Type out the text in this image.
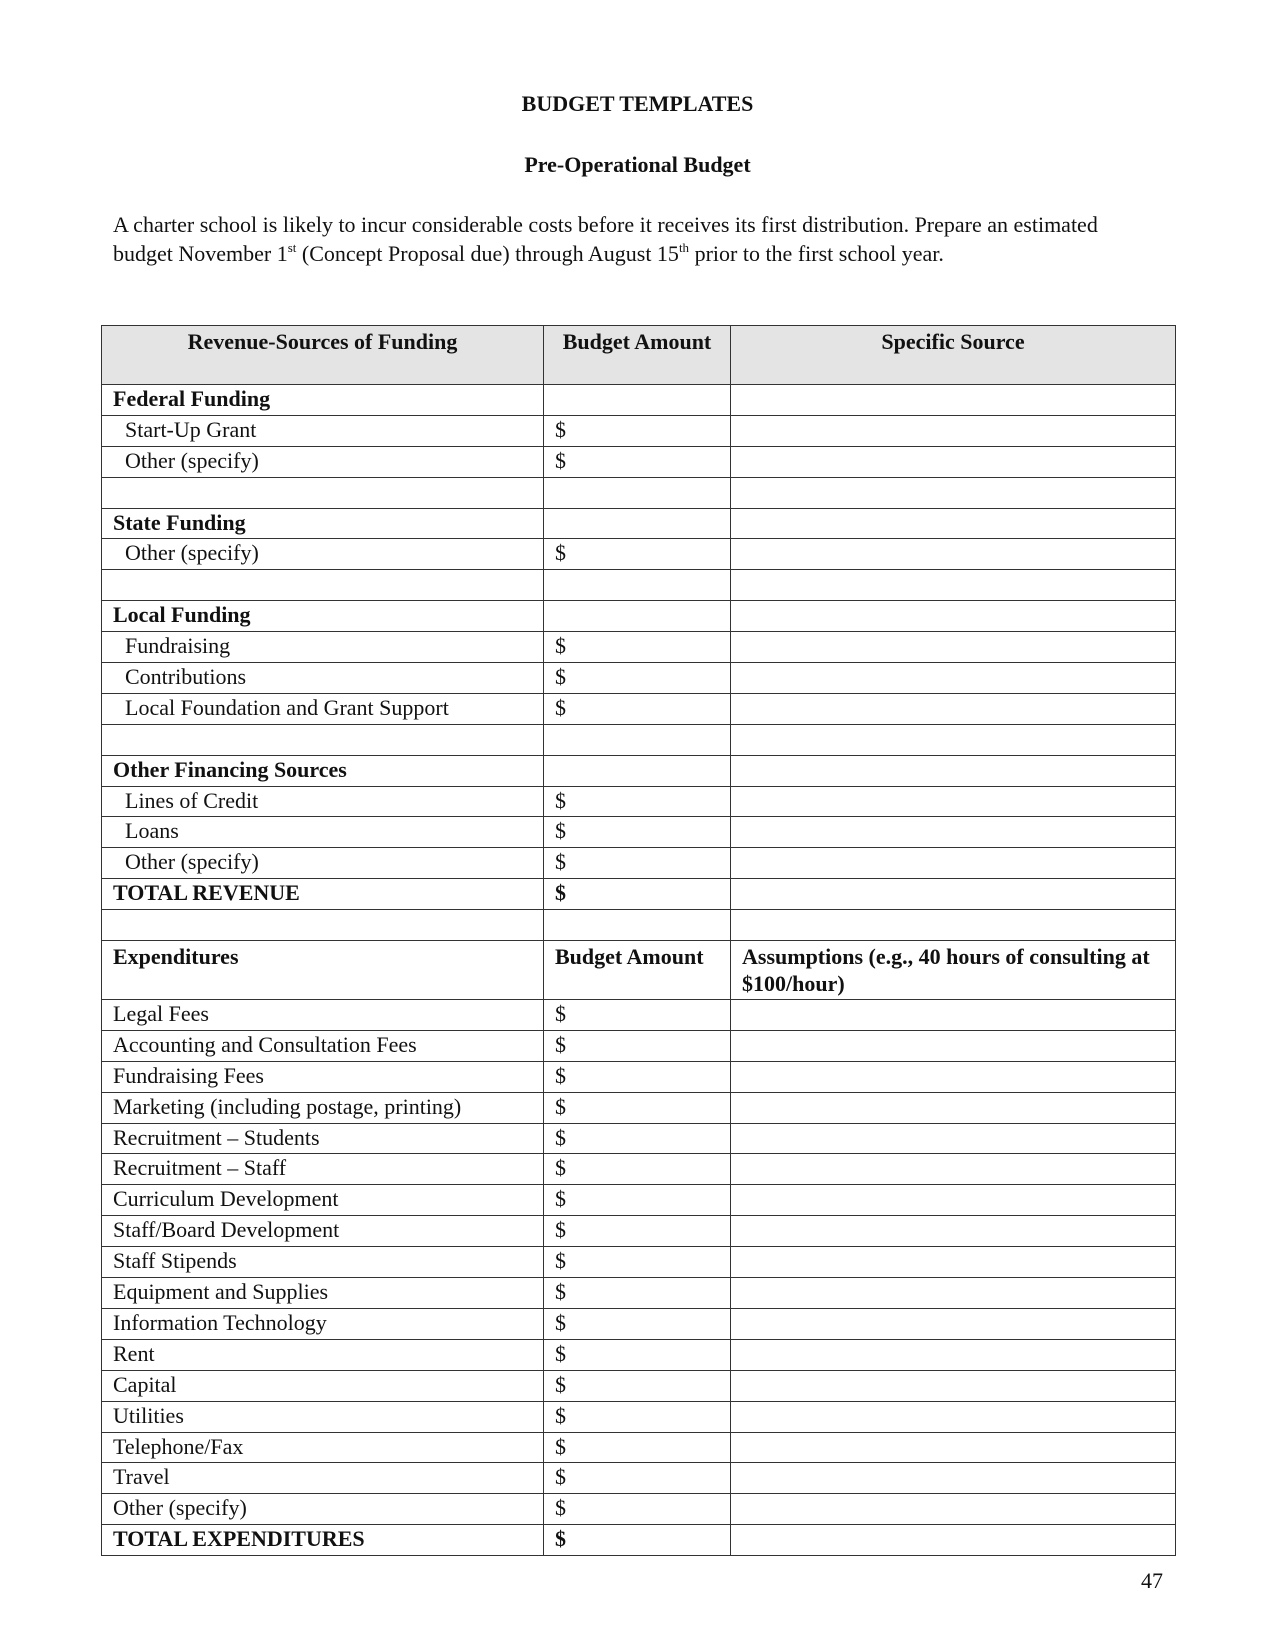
BUDGET TEMPLATES
Pre-Operational Budget

A charter school is likely to incur considerable costs before it receives its first distribution. Prepare an estimated budget November 1st (Concept Proposal due) through August 15th prior to the first school year.

Revenue-Sources of Funding	Budget Amount	Specific Source
Federal Funding		
Start-Up Grant	$	
Other (specify)	$	

State Funding		
Other (specify)	$	

Local Funding		
Fundraising	$	
Contributions	$	
Local Foundation and Grant Support	$	

Other Financing Sources		
Lines of Credit	$	
Loans	$	
Other (specify)	$	
TOTAL REVENUE	$	

Expenditures	Budget Amount	Assumptions (e.g., 40 hours of consulting at $100/hour)
Legal Fees	$	
Accounting and Consultation Fees	$	
Fundraising Fees	$	
Marketing (including postage, printing)	$	
Recruitment – Students	$	
Recruitment – Staff	$	
Curriculum Development	$	
Staff/Board Development	$	
Staff Stipends	$	
Equipment and Supplies	$	
Information Technology	$	
Rent	$	
Capital	$	
Utilities	$	
Telephone/Fax	$	
Travel	$	
Other (specify)	$	
TOTAL EXPENDITURES	$	

47
